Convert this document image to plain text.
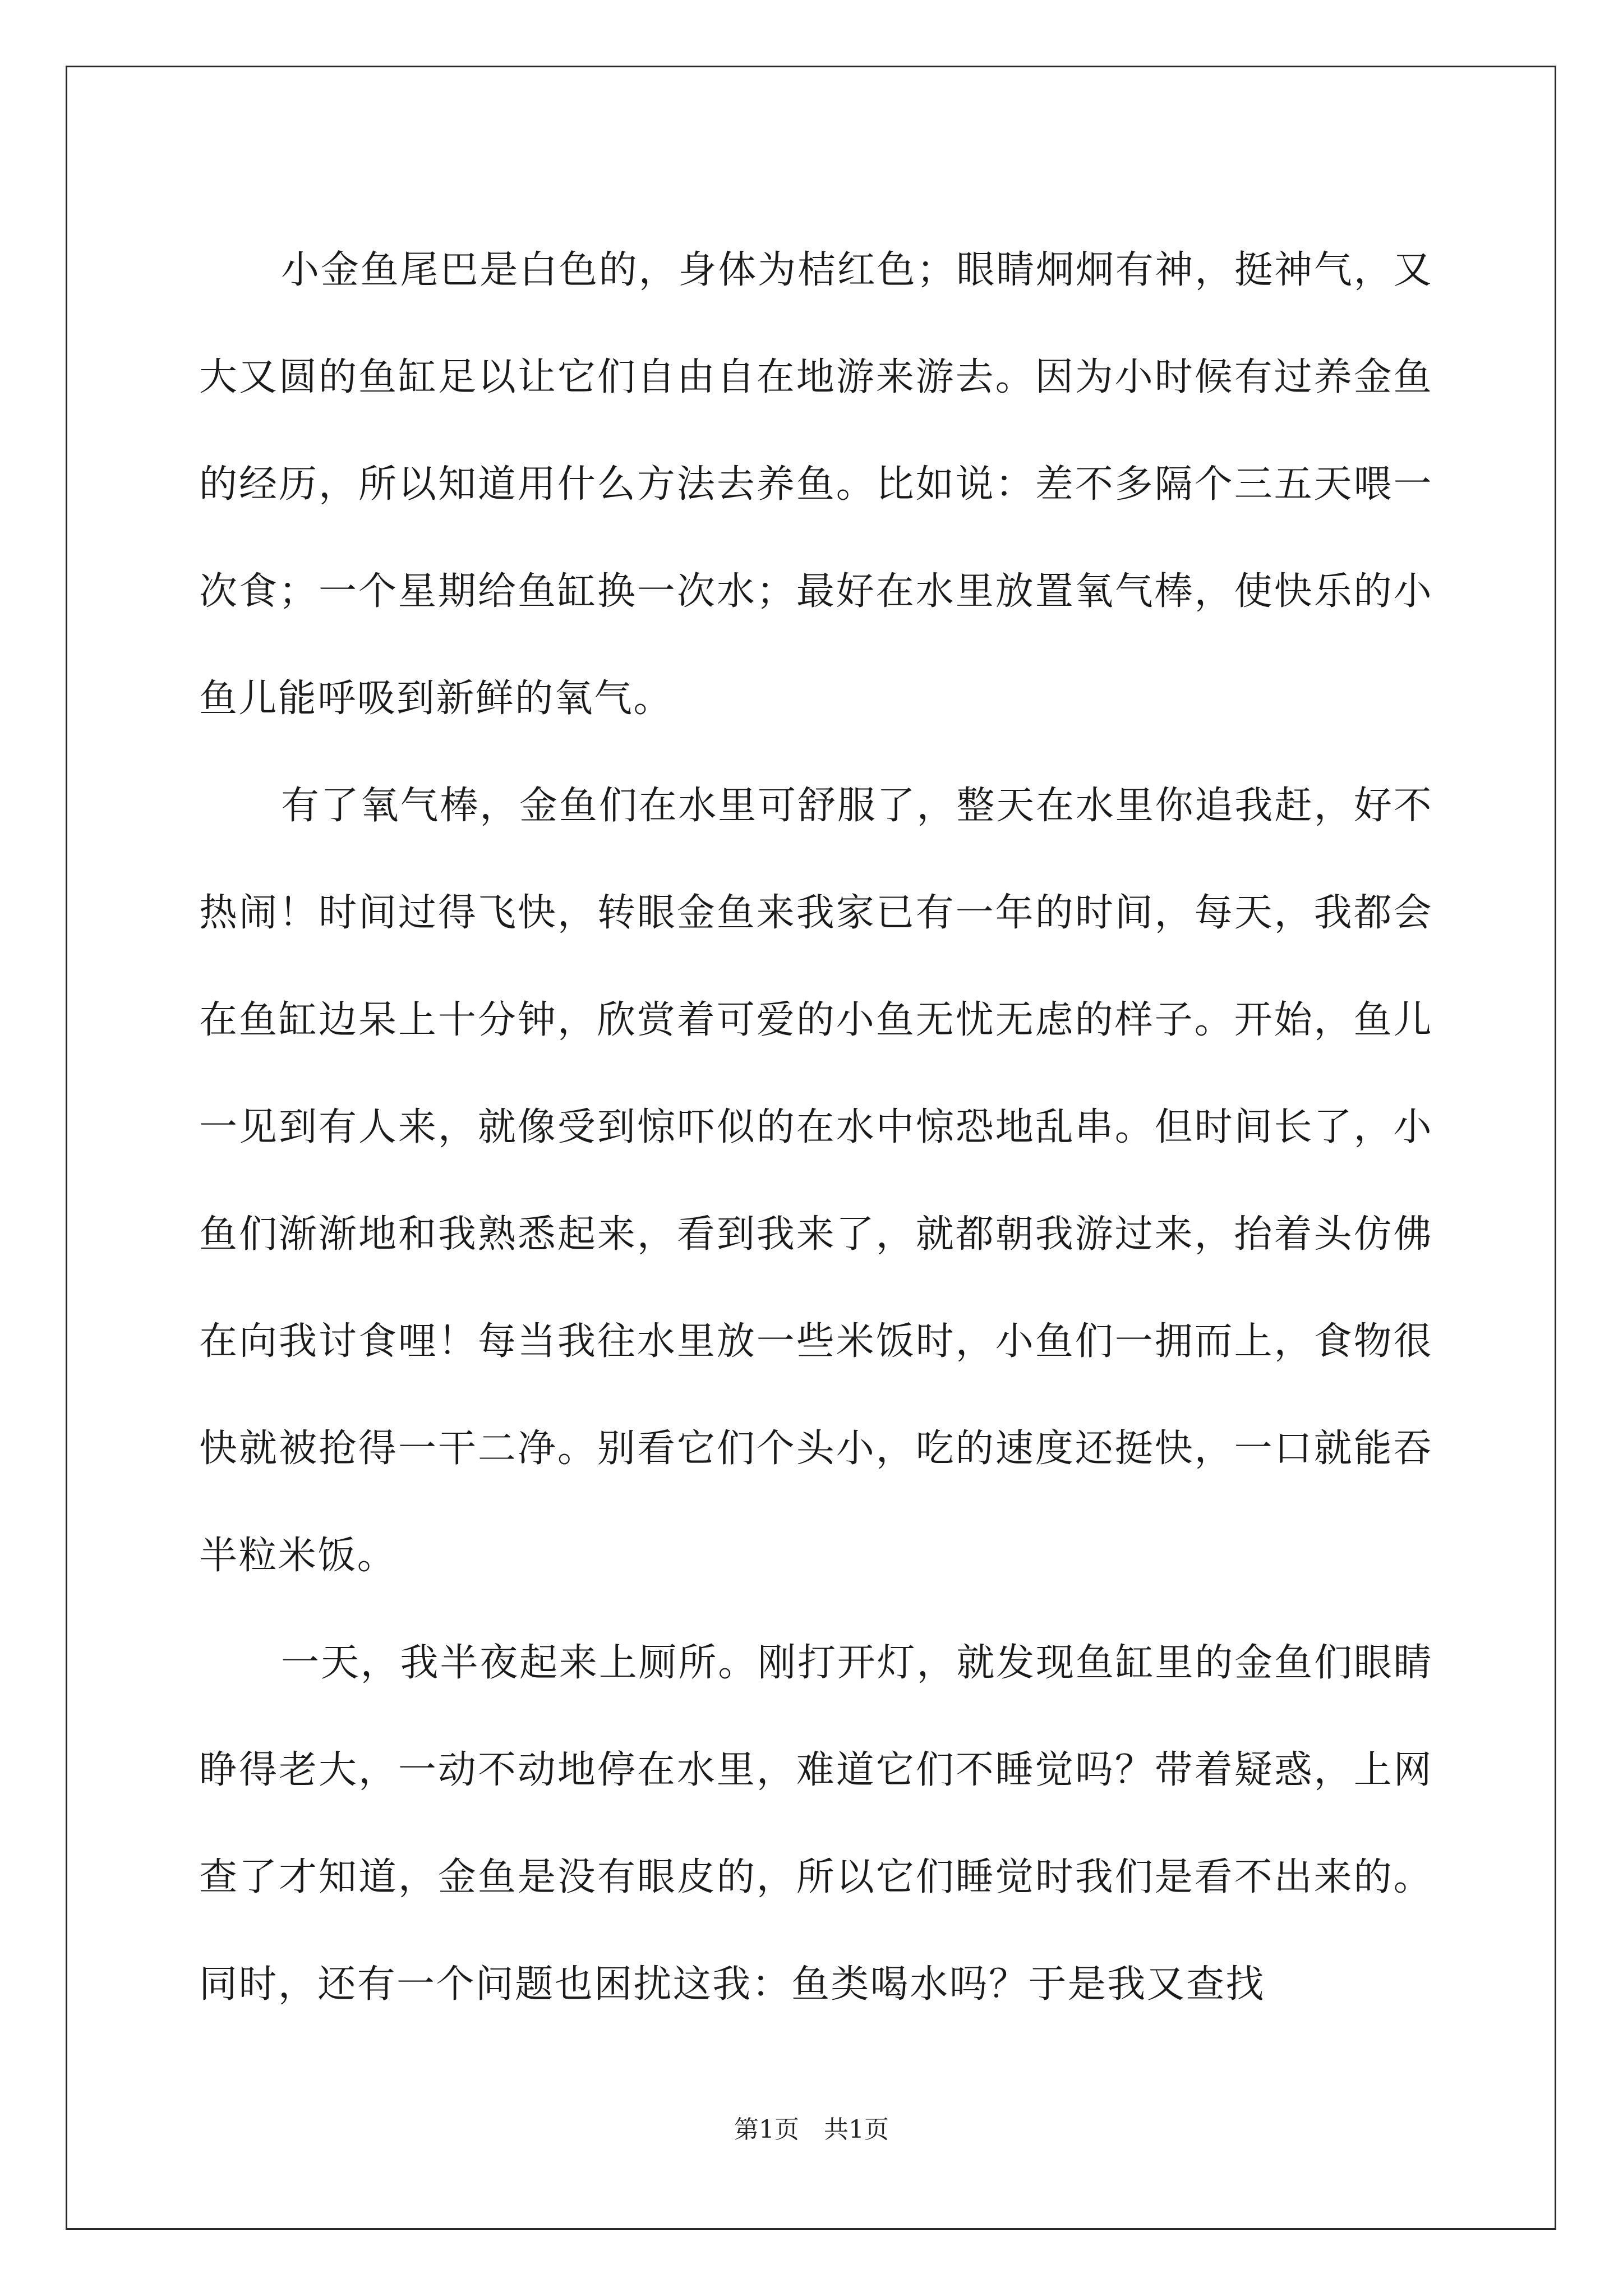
小金鱼尾巴是白色的，身体为桔红色；眼睛炯炯有神，挺神气，又大又圆的鱼缸足以让它们自由自在地游来游去。因为小时候有过养金鱼的经历，所以知道用什么方法去养鱼。比如说：差不多隔个三五天喂一次食；一个星期给鱼缸换一次水；最好在水里放置氧气棒，使快乐的小鱼儿能呼吸到新鲜的氧气。

有了氧气棒，金鱼们在水里可舒服了，整天在水里你追我赶，好不热闹！时间过得飞快，转眼金鱼来我家已有一年的时间，每天，我都会在鱼缸边呆上十分钟，欣赏着可爱的小鱼无忧无虑的样子。开始，鱼儿一见到有人来，就像受到惊吓似的在水中惊恐地乱串。但时间长了，小鱼们渐渐地和我熟悉起来，看到我来了，就都朝我游过来，抬着头仿佛在向我讨食哩！每当我往水里放一些米饭时，小鱼们一拥而上，食物很快就被抢得一干二净。别看它们个头小，吃的速度还挺快，一口就能吞半粒米饭。

一天，我半夜起来上厕所。刚打开灯，就发现鱼缸里的金鱼们眼睛睁得老大，一动不动地停在水里，难道它们不睡觉吗？带着疑惑，上网查了才知道，金鱼是没有眼皮的，所以它们睡觉时我们是看不出来的。同时，还有一个问题也困扰这我：鱼类喝水吗？于是我又查找

第1页　共1页
